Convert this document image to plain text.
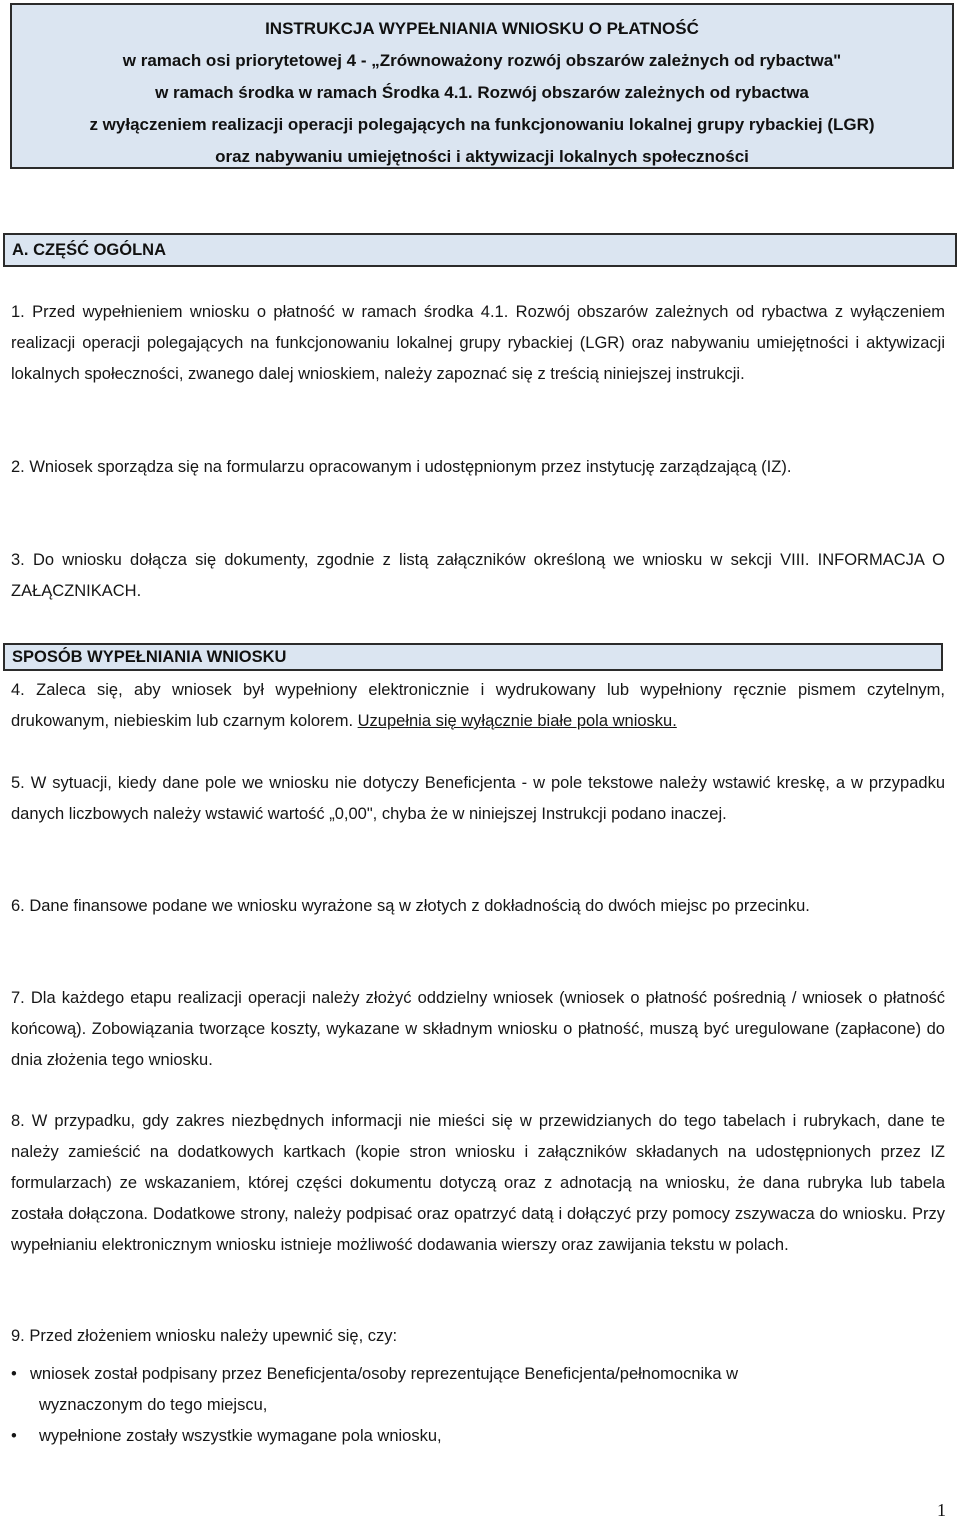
INSTRUKCJA WYPEŁNIANIA WNIOSKU O PŁATNOŚĆ
w ramach osi priorytetowej 4 - „Zrównoważony rozwój obszarów zależnych od rybactwa"
w ramach środka w ramach Środka 4.1. Rozwój obszarów zależnych od rybactwa
z wyłączeniem realizacji operacji polegających na funkcjonowaniu lokalnej grupy rybackiej (LGR)
oraz nabywaniu umiejętności i aktywizacji lokalnych społeczności
A. CZĘŚĆ OGÓLNA
1. Przed wypełnieniem wniosku o płatność w ramach środka 4.1. Rozwój obszarów zależnych od rybactwa z wyłączeniem realizacji operacji polegających na funkcjonowaniu lokalnej grupy rybackiej (LGR) oraz nabywaniu umiejętności i aktywizacji lokalnych społeczności, zwanego dalej wnioskiem, należy zapoznać się z treścią niniejszej instrukcji.
2. Wniosek sporządza się na formularzu opracowanym i udostępnionym przez instytucję zarządzającą (IZ).
3. Do wniosku dołącza się dokumenty, zgodnie z listą załączników określoną we wniosku w sekcji VIII. INFORMACJA O ZAŁĄCZNIKACH.
SPOSÓB WYPEŁNIANIA WNIOSKU
4. Zaleca się, aby wniosek był wypełniony elektronicznie i wydrukowany lub wypełniony ręcznie pismem czytelnym, drukowanym, niebieskim lub czarnym kolorem. Uzupełnia się wyłącznie białe pola wniosku.
5. W sytuacji, kiedy dane pole we wniosku nie dotyczy Beneficjenta - w pole tekstowe należy wstawić kreskę, a w przypadku danych liczbowych należy wstawić wartość „0,00", chyba że w niniejszej Instrukcji podano inaczej.
6. Dane finansowe podane we wniosku wyrażone są w złotych z dokładnością do dwóch miejsc po przecinku.
7. Dla każdego etapu realizacji operacji należy złożyć oddzielny wniosek (wniosek o płatność pośrednią / wniosek o płatność końcową). Zobowiązania tworzące koszty, wykazane w składnym wniosku o płatność, muszą być uregulowane (zapłacone) do dnia złożenia tego wniosku.
8. W przypadku, gdy zakres niezbędnych informacji nie mieści się w przewidzianych do tego tabelach i rubrykach, dane te należy zamieścić na dodatkowych kartkach (kopie stron wniosku i załączników składanych na udostępnionych przez IZ formularzach) ze wskazaniem, której części dokumentu dotyczą oraz z adnotacją na wniosku, że dana rubryka lub tabela została dołączona. Dodatkowe strony, należy podpisać oraz opatrzyć datą i dołączyć przy pomocy zszywacza do wniosku. Przy wypełnianiu elektronicznym wniosku istnieje możliwość dodawania wierszy oraz zawijania tekstu w polach.
9. Przed złożeniem wniosku należy upewnić się, czy:
• wniosek został podpisany przez Beneficjenta/osoby reprezentujące Beneficjenta/pełnomocnika w
wyznaczonym do tego miejscu,
•	wypełnione zostały wszystkie wymagane pola wniosku,
1
